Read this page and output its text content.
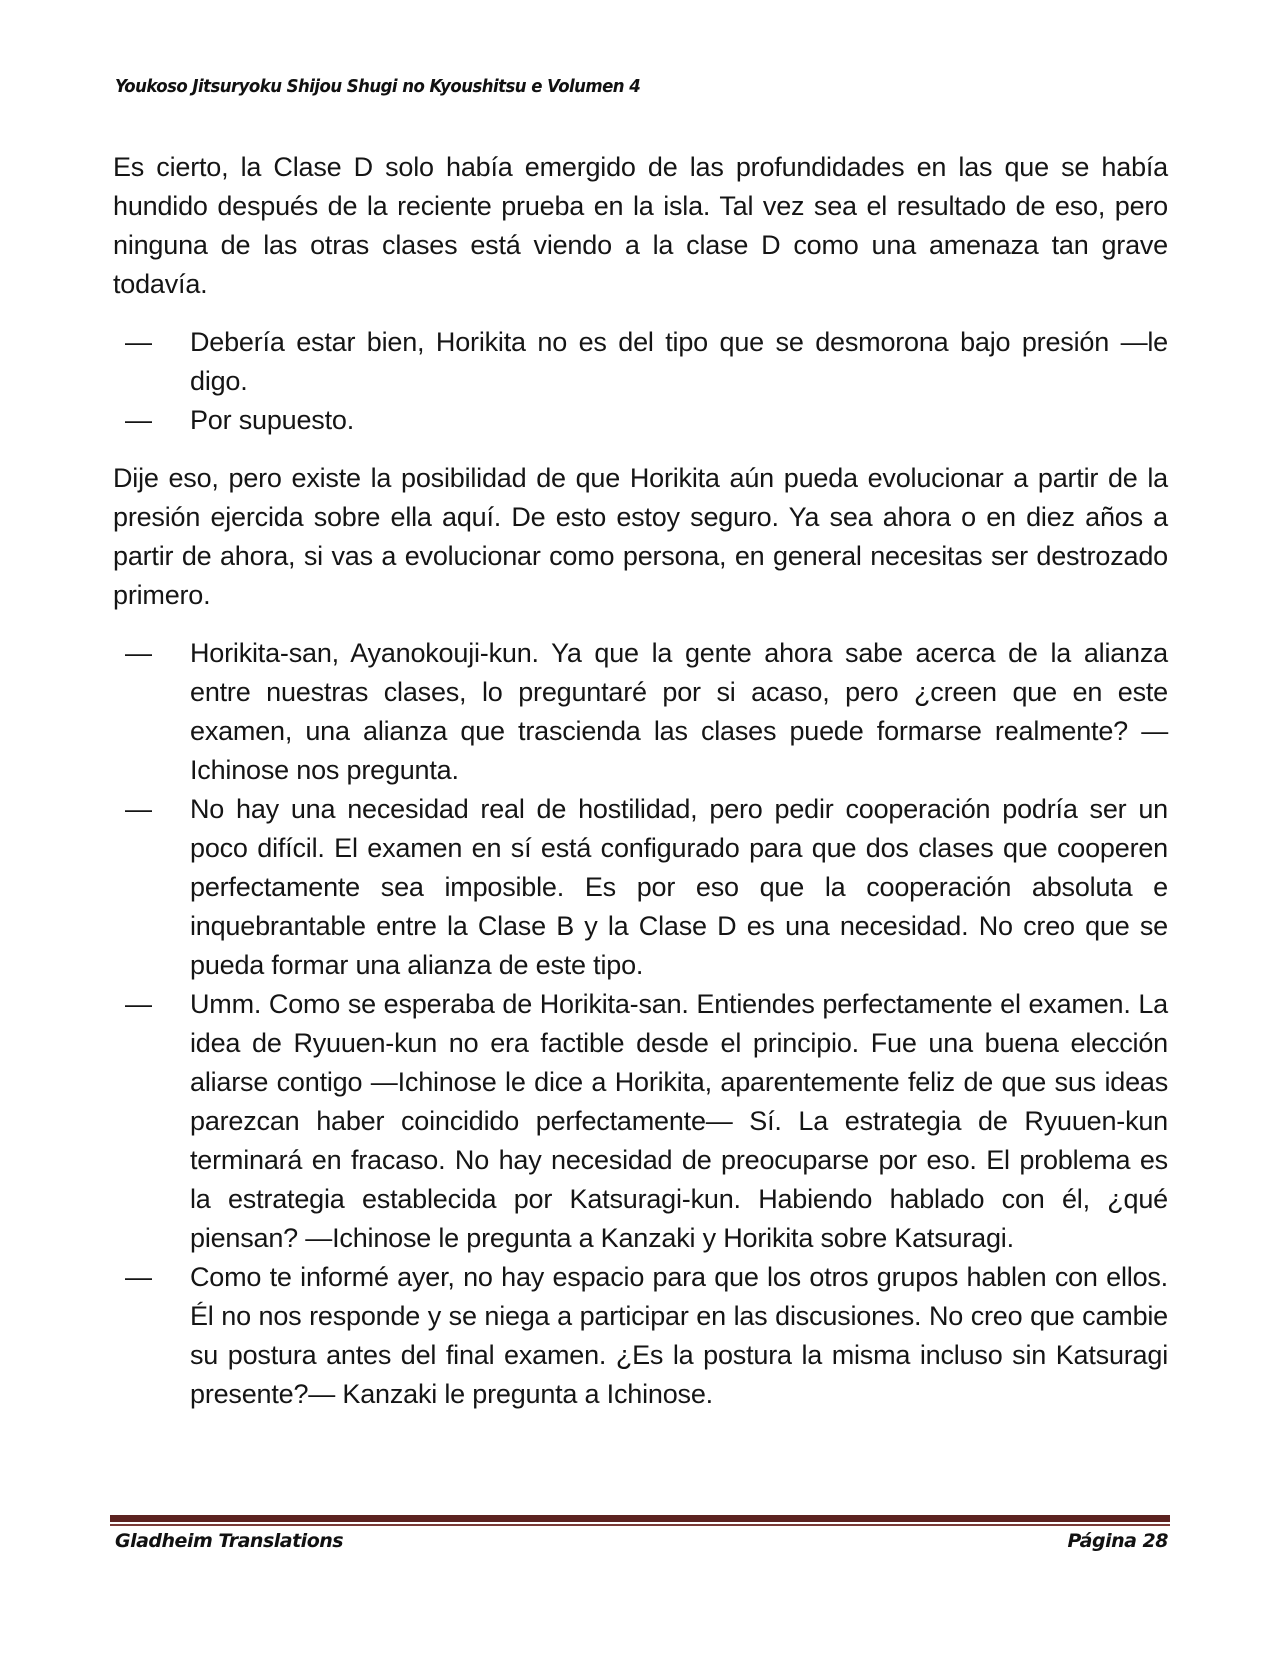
Youkoso Jitsuryoku Shijou Shugi no Kyoushitsu e Volumen 4

Es cierto, la Clase D solo había emergido de las profundidades en las que se había hundido después de la reciente prueba en la isla. Tal vez sea el resultado de eso, pero ninguna de las otras clases está viendo a la clase D como una amenaza tan grave todavía.

— Debería estar bien, Horikita no es del tipo que se desmorona bajo presión —le digo.

— Por supuesto.

Dije eso, pero existe la posibilidad de que Horikita aún pueda evolucionar a partir de la presión ejercida sobre ella aquí. De esto estoy seguro. Ya sea ahora o en diez años a partir de ahora, si vas a evolucionar como persona, en general necesitas ser destrozado primero.

— Horikita-san, Ayanokouji-kun. Ya que la gente ahora sabe acerca de la alianza entre nuestras clases, lo preguntaré por si acaso, pero ¿creen que en este examen, una alianza que trascienda las clases puede formarse realmente? —Ichinose nos pregunta.

— No hay una necesidad real de hostilidad, pero pedir cooperación podría ser un poco difícil. El examen en sí está configurado para que dos clases que cooperen perfectamente sea imposible. Es por eso que la cooperación absoluta e inquebrantable entre la Clase B y la Clase D es una necesidad. No creo que se pueda formar una alianza de este tipo.

— Umm. Como se esperaba de Horikita-san. Entiendes perfectamente el examen. La idea de Ryuuen-kun no era factible desde el principio. Fue una buena elección aliarse contigo —Ichinose le dice a Horikita, aparentemente feliz de que sus ideas parezcan haber coincidido perfectamente— Sí. La estrategia de Ryuuen-kun terminará en fracaso. No hay necesidad de preocuparse por eso. El problema es la estrategia establecida por Katsuragi-kun. Habiendo hablado con él, ¿qué piensan? —Ichinose le pregunta a Kanzaki y Horikita sobre Katsuragi.

— Como te informé ayer, no hay espacio para que los otros grupos hablen con ellos. Él no nos responde y se niega a participar en las discusiones. No creo que cambie su postura antes del final examen. ¿Es la postura la misma incluso sin Katsuragi presente?— Kanzaki le pregunta a Ichinose.

Gladheim Translations	Página 28
